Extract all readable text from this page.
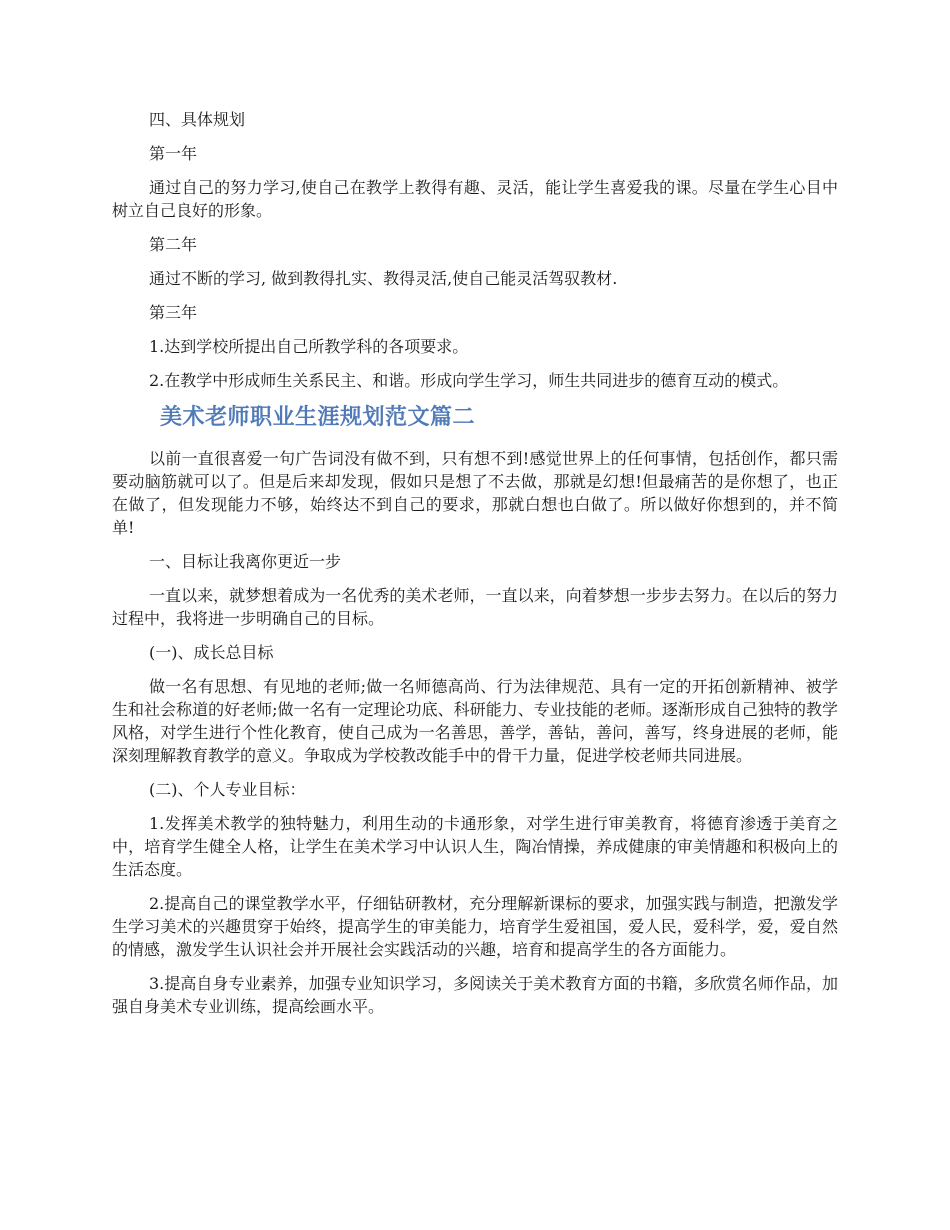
四、具体规划

第一年

通过自己的努力学习,使自己在教学上教得有趣、灵活，能让学生喜爱我的课。尽量在学生心目中树立自己良好的形象。

第二年

通过不断的学习, 做到教得扎实、教得灵活,使自己能灵活驾驭教材.

第三年

1.达到学校所提出自己所教学科的各项要求。

2.在教学中形成师生关系民主、和谐。形成向学生学习，师生共同进步的德育互动的模式。

美术老师职业生涯规划范文篇二

以前一直很喜爱一句广告词没有做不到，只有想不到!感觉世界上的任何事情，包括创作，都只需要动脑筋就可以了。但是后来却发现，假如只是想了不去做，那就是幻想!但最痛苦的是你想了，也正在做了，但发现能力不够，始终达不到自己的要求，那就白想也白做了。所以做好你想到的，并不简单!

一、目标让我离你更近一步

一直以来，就梦想着成为一名优秀的美术老师，一直以来，向着梦想一步步去努力。在以后的努力过程中，我将进一步明确自己的目标。

(一)、成长总目标

做一名有思想、有见地的老师;做一名师德高尚、行为法律规范、具有一定的开拓创新精神、被学生和社会称道的好老师;做一名有一定理论功底、科研能力、专业技能的老师。逐渐形成自己独特的教学风格，对学生进行个性化教育，使自己成为一名善思，善学，善钻，善问，善写，终身进展的老师，能深刻理解教育教学的意义。争取成为学校教改能手中的骨干力量，促进学校老师共同进展。

(二)、个人专业目标：

1.发挥美术教学的独特魅力，利用生动的卡通形象，对学生进行审美教育，将德育渗透于美育之中，培育学生健全人格，让学生在美术学习中认识人生，陶冶情操，养成健康的审美情趣和积极向上的生活态度。

2.提高自己的课堂教学水平，仔细钻研教材，充分理解新课标的要求，加强实践与制造，把激发学生学习美术的兴趣贯穿于始终，提高学生的审美能力，培育学生爱祖国，爱人民，爱科学，爱，爱自然的情感，激发学生认识社会并开展社会实践活动的兴趣，培育和提高学生的各方面能力。

3.提高自身专业素养，加强专业知识学习，多阅读关于美术教育方面的书籍，多欣赏名师作品，加强自身美术专业训练，提高绘画水平。
